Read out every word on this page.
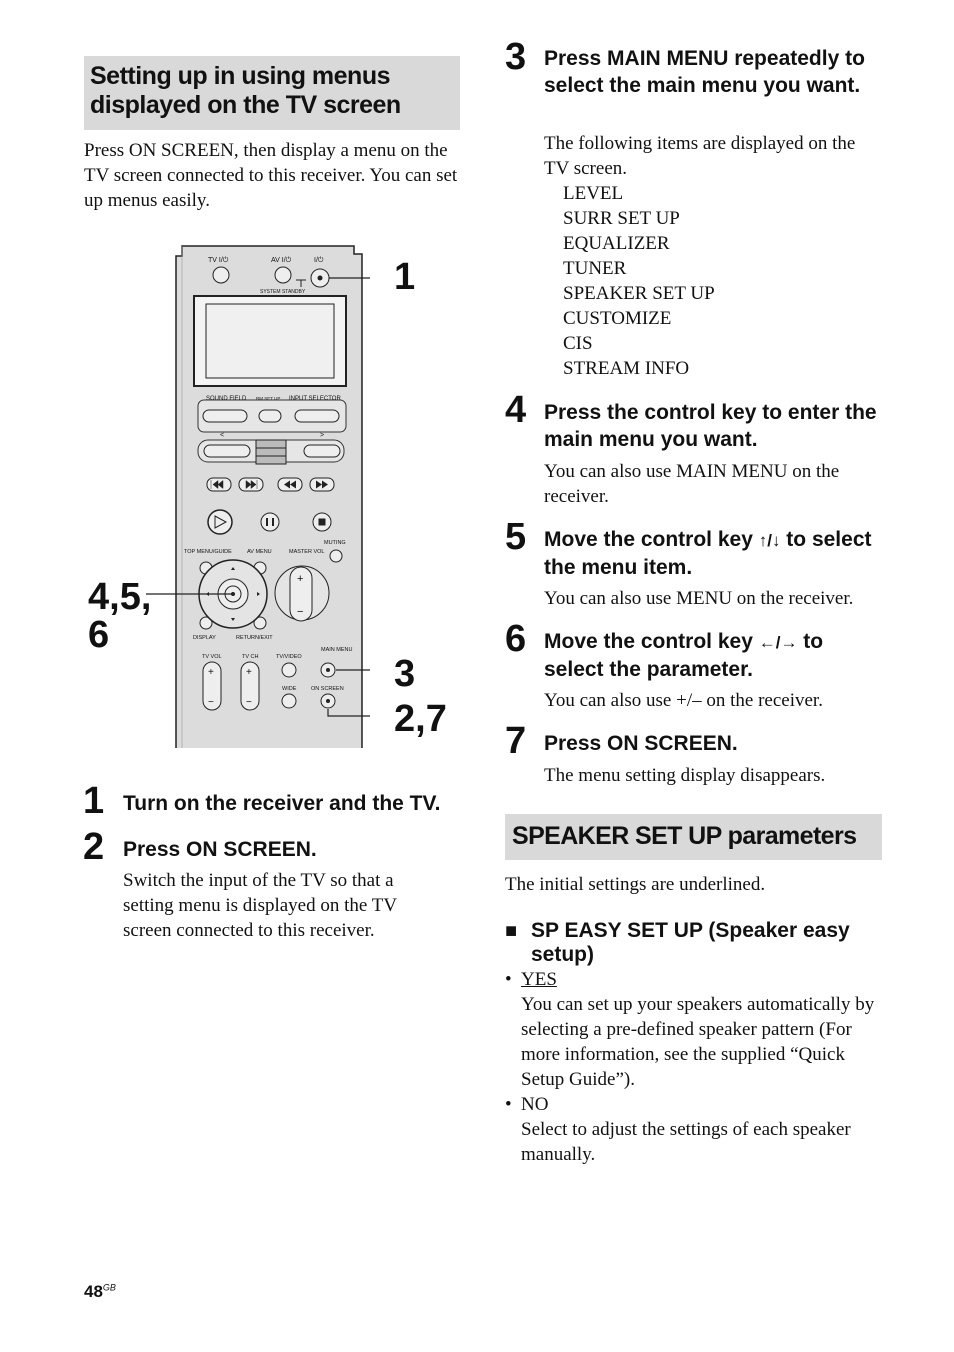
Setting up in using menus
displayed on the TV screen
Press ON SCREEN, then display a menu on the TV screen connected to this receiver. You can set up menus easily.
TV I/⏻	AV I/⏻	I/⏻
SYSTEM STANDBY
SOUND FIELD RM SET UP INPUT SELECTOR
<	>
TOP MENU/GUIDE	AV MENU	MASTER VOL
MUTING
DISPLAY	RETURN/EXIT
+
−
TV VOL	TV CH	TV/VIDEO
MAIN MENU
+
−
+
−
WIDE	ON SCREEN
1
4,5,
6
3
2,7
1 Turn on the receiver and the TV.
2 Press ON SCREEN.
Switch the input of the TV so that a setting menu is displayed on the TV screen connected to this receiver.
3 Press MAIN MENU repeatedly to select the main menu you want.
The following items are displayed on the TV screen.
LEVEL
SURR SET UP
EQUALIZER
TUNER
SPEAKER SET UP
CUSTOMIZE
CIS
STREAM INFO
4 Press the control key to enter the main menu you want.
You can also use MAIN MENU on the receiver.
5 Move the control key ↑/↓ to select the menu item.
You can also use MENU on the receiver.
6 Move the control key ←/→ to select the parameter.
You can also use +/– on the receiver.
7 Press ON SCREEN.
The menu setting display disappears.
SPEAKER SET UP parameters
The initial settings are underlined.
■ SP EASY SET UP (Speaker easy
setup)
• YES
You can set up your speakers automatically by selecting a pre-defined speaker pattern (For more information, see the supplied “Quick Setup Guide”).
• NO
Select to adjust the settings of each speaker manually.
$48^{GB}$
